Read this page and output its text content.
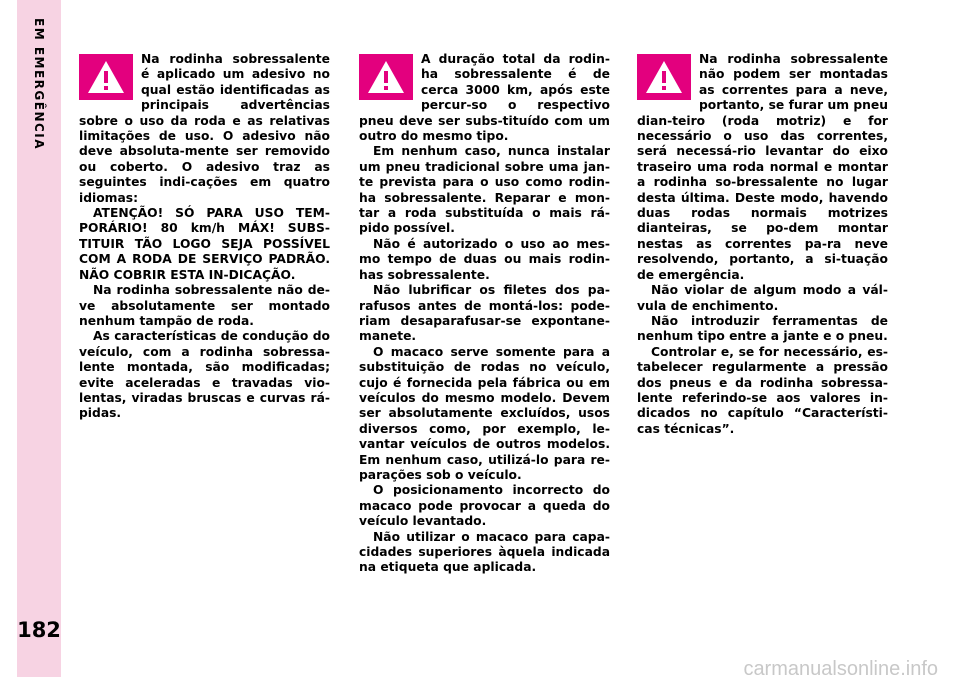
EM EMERGÊNCIA
182

Na rodinha sobressalente é aplicado um adesivo no qual estão identificadas as principais advertências sobre o uso da roda e as relativas limitações de uso. O adesivo não deve absoluta-mente ser removido ou coberto. O adesivo traz as seguintes indi-cações em quatro idiomas:

ATENÇÃO! SÓ PARA USO TEM-PORÁRIO! 80 km/h MÁX! SUBS-TITUIR TÃO LOGO SEJA POSSÍVEL COM A RODA DE SERVIÇO PADRÃO. NÃO COBRIR ESTA IN-DICAÇÃO.

Na rodinha sobressalente não de-ve absolutamente ser montado nenhum tampão de roda.

As características de condução do veículo, com a rodinha sobressa-lente montada, são modificadas; evite aceleradas e travadas vio-lentas, viradas bruscas e curvas rá-pidas.

A duração total da rodin-ha sobressalente é de cerca 3000 km, após este percur-so o respectivo pneu deve ser subs-tituído com um outro do mesmo tipo.

Em nenhum caso, nunca instalar um pneu tradicional sobre uma jan-te prevista para o uso como rodin-ha sobressalente. Reparar e mon-tar a roda substituída o mais rá-pido possível.

Não é autorizado o uso ao mes-mo tempo de duas ou mais rodin-has sobressalente.

Não lubrificar os filetes dos pa-rafusos antes de montá-los: pode-riam desaparafusar-se expontane-manete.

O macaco serve somente para a substituição de rodas no veículo, cujo é fornecida pela fábrica ou em veículos do mesmo modelo. Devem ser absolutamente excluídos, usos diversos como, por exemplo, le-vantar veículos de outros modelos. Em nenhum caso, utilizá-lo para re-parações sob o veículo.

O posicionamento incorrecto do macaco pode provocar a queda do veículo levantado.

Não utilizar o macaco para capa-cidades superiores àquela indicada na etiqueta que aplicada.

Na rodinha sobressalente não podem ser montadas as correntes para a neve, portanto, se furar um pneu dian-teiro (roda motriz) e for necessário o uso das correntes, será necessá-rio levantar do eixo traseiro uma roda normal e montar a rodinha so-bressalente no lugar desta última. Deste modo, havendo duas rodas normais motrizes dianteiras, se po-dem montar nestas as correntes pa-ra neve resolvendo, portanto, a si-tuação de emergência.

Não violar de algum modo a vál-vula de enchimento.

Não introduzir ferramentas de nenhum tipo entre a jante e o pneu.

Controlar e, se for necessário, es-tabelecer regularmente a pressão dos pneus e da rodinha sobressa-lente referindo-se aos valores in-dicados no capítulo “Característi-cas técnicas”.

carmanualsonline.info
